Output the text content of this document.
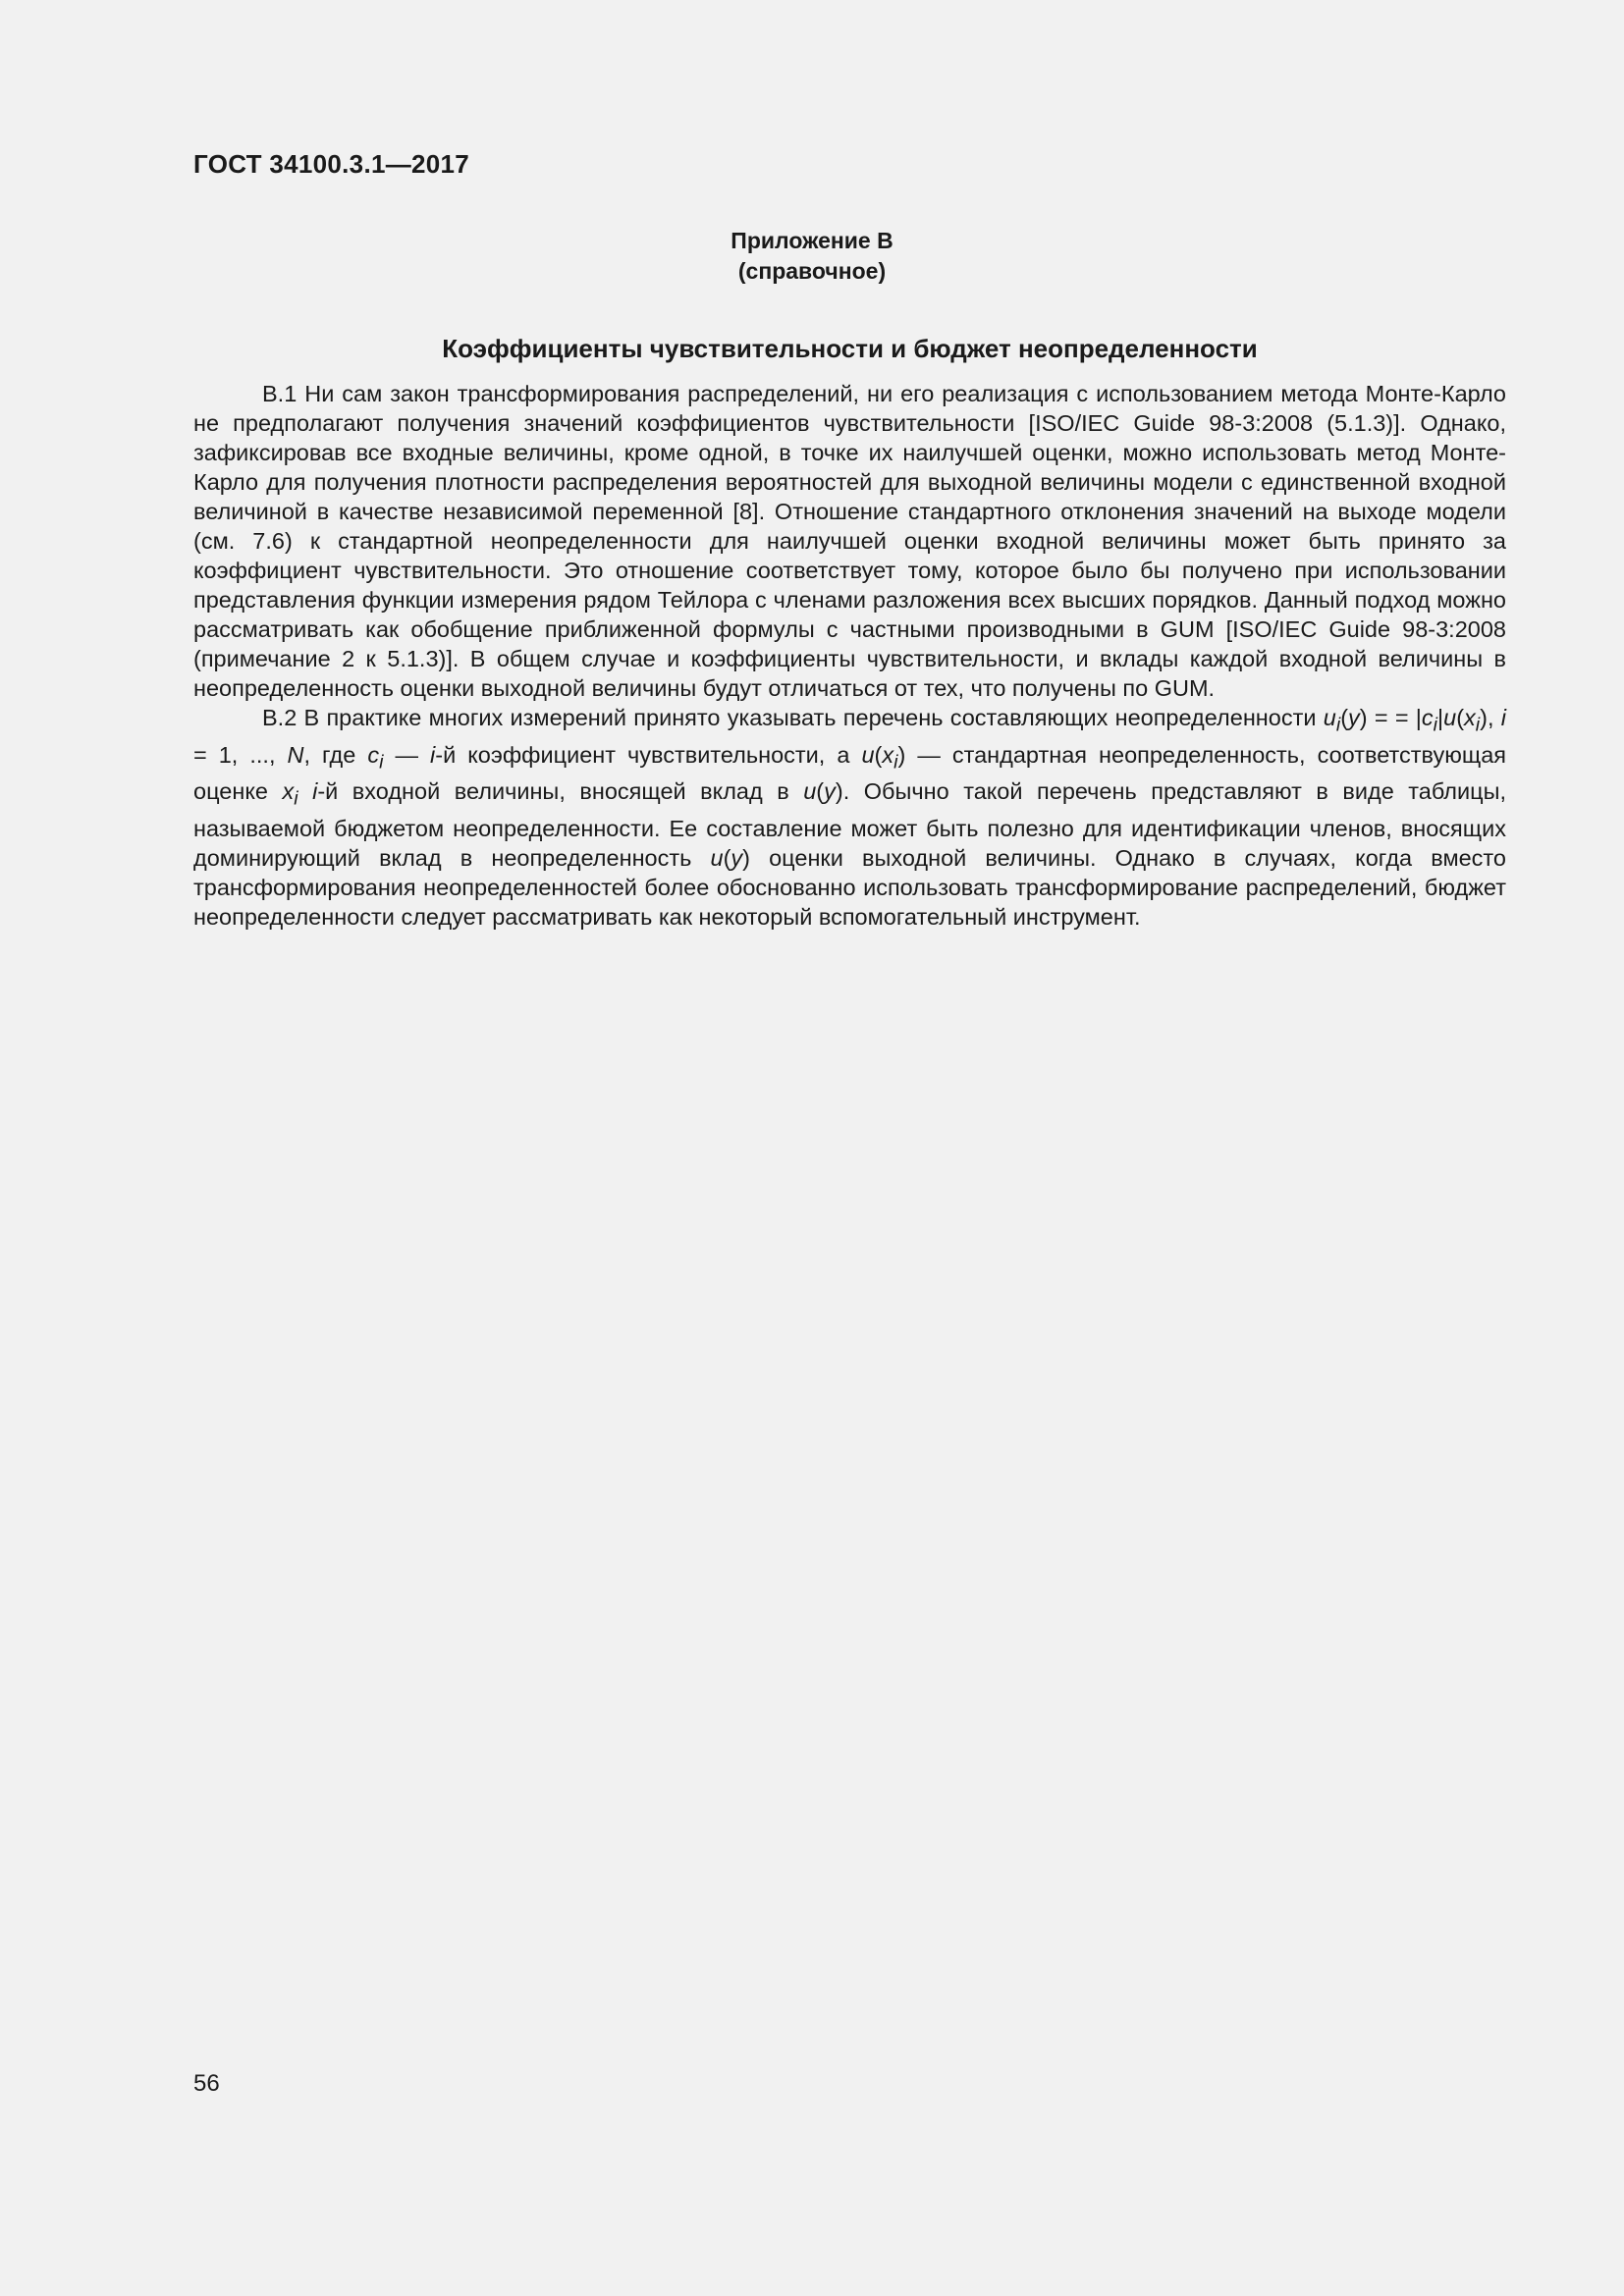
ГОСТ 34100.3.1—2017
Приложение В
(справочное)
Коэффициенты чувствительности и бюджет неопределенности

В.1 Ни сам закон трансформирования распределений, ни его реализация с использованием метода Монте-Карло не предполагают получения значений коэффициентов чувствительности [ISO/IEC Guide 98-3:2008 (5.1.3)]. Однако, зафиксировав все входные величины, кроме одной, в точке их наилучшей оценки, можно использовать метод Монте-Карло для получения плотности распределения вероятностей для выходной величины модели с единственной входной величиной в качестве независимой переменной [8]. Отношение стандартного отклонения значений на выходе модели (см. 7.6) к стандартной неопределенности для наилучшей оценки входной величины может быть принято за коэффициент чувствительности. Это отношение соответствует тому, которое было бы получено при использовании представления функции измерения рядом Тейлора с членами разложения всех высших порядков. Данный подход можно рассматривать как обобщение приближенной формулы с частными производными в GUM [ISO/IEC Guide 98-3:2008 (примечание 2 к 5.1.3)]. В общем случае и коэффициенты чувствительности, и вклады каждой входной величины в неопределенность оценки выходной величины будут отличаться от тех, что получены по GUM.

В.2 В практике многих измерений принято указывать перечень составляющих неопределенности $u_i(y)$ = = $|c_i|u(x_i)$, i = 1, ..., N, где $c_i$ — i-й коэффициент чувствительности, а $u(x_i)$ — стандартная неопределенность, соответствующая оценке $x_i$ i-й входной величины, вносящей вклад в u(y). Обычно такой перечень представляют в виде таблицы, называемой бюджетом неопределенности. Ее составление может быть полезно для идентификации членов, вносящих доминирующий вклад в неопределенность u(y) оценки выходной величины. Однако в случаях, когда вместо трансформирования неопределенностей более обоснованно использовать трансформирование распределений, бюджет неопределенности следует рассматривать как некоторый вспомогательный инструмент.

56
